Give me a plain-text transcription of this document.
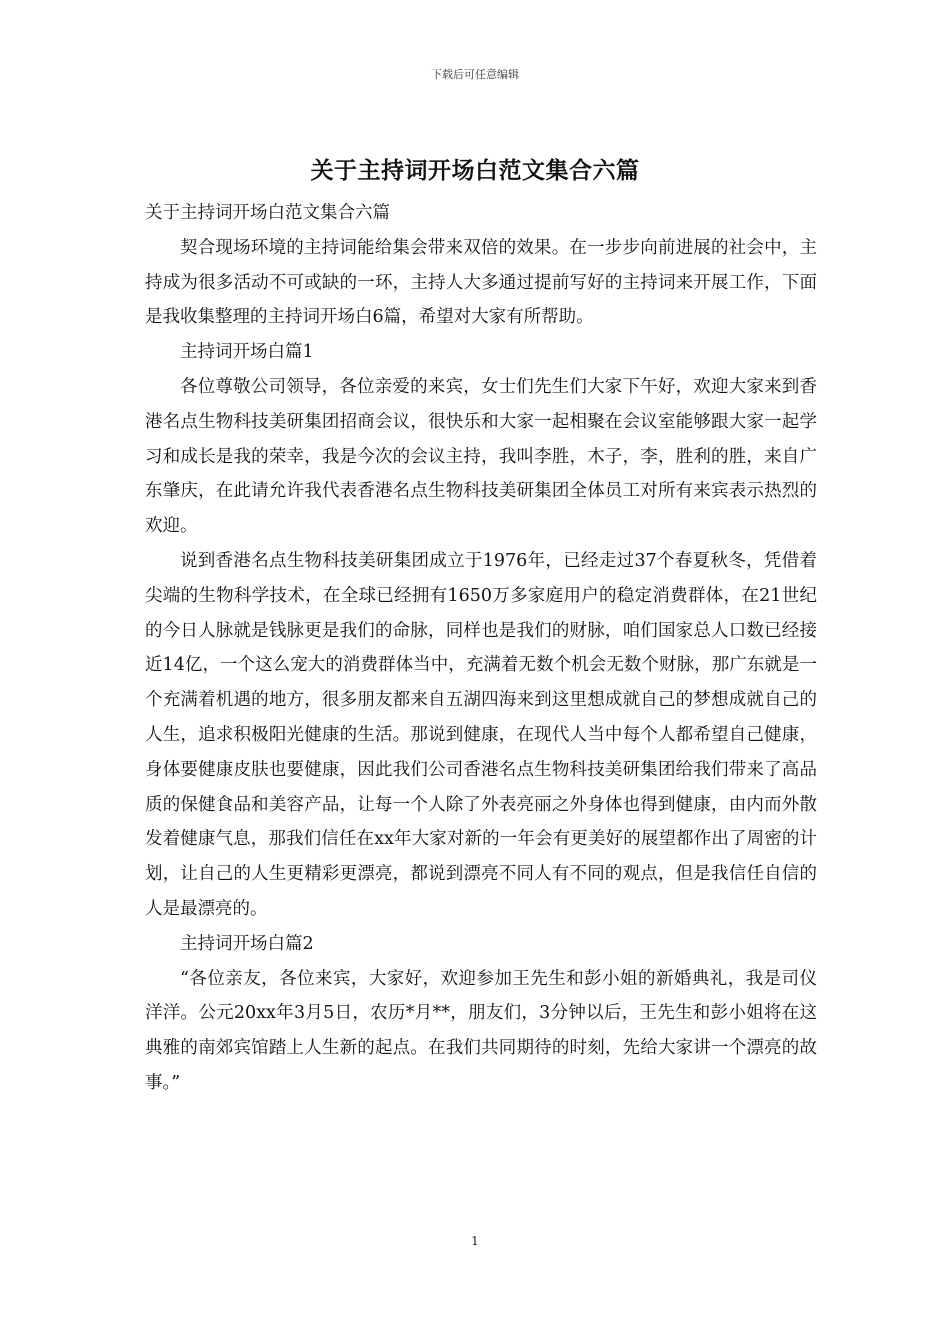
下载后可任意编辑
关于主持词开场白范文集合六篇

关于主持词开场白范文集合六篇

契合现场环境的主持词能给集会带来双倍的效果。在一步步向前进展的社会中，主持成为很多活动不可或缺的一环，主持人大多通过提前写好的主持词来开展工作，下面是我收集整理的主持词开场白6篇，希望对大家有所帮助。

主持词开场白篇1

各位尊敬公司领导，各位亲爱的来宾，女士们先生们大家下午好，欢迎大家来到香港名点生物科技美研集团招商会议，很快乐和大家一起相聚在会议室能够跟大家一起学习和成长是我的荣幸，我是今次的会议主持，我叫李胜，木子，李，胜利的胜，来自广东肇庆，在此请允许我代表香港名点生物科技美研集团全体员工对所有来宾表示热烈的欢迎。

说到香港名点生物科技美研集团成立于1976年，已经走过37个春夏秋冬，凭借着尖端的生物科学技术，在全球已经拥有1650万多家庭用户的稳定消费群体，在21世纪的今日人脉就是钱脉更是我们的命脉，同样也是我们的财脉，咱们国家总人口数已经接近14亿，一个这么宠大的消费群体当中，充满着无数个机会无数个财脉，那广东就是一个充满着机遇的地方，很多朋友都来自五湖四海来到这里想成就自己的梦想成就自己的人生，追求积极阳光健康的生活。那说到健康，在现代人当中每个人都希望自己健康，身体要健康皮肤也要健康，因此我们公司香港名点生物科技美研集团给我们带来了高品质的保健食品和美容产品，让每一个人除了外表亮丽之外身体也得到健康，由内而外散发着健康气息，那我们信任在xx年大家对新的一年会有更美好的展望都作出了周密的计划，让自己的人生更精彩更漂亮，都说到漂亮不同人有不同的观点，但是我信任自信的人是最漂亮的。

主持词开场白篇2

“各位亲友，各位来宾，大家好，欢迎参加王先生和彭小姐的新婚典礼，我是司仪洋洋。公元20xx年3月5日，农历*月**，朋友们，3分钟以后，王先生和彭小姐将在这典雅的南郊宾馆踏上人生新的起点。在我们共同期待的时刻，先给大家讲一个漂亮的故事。”

1
